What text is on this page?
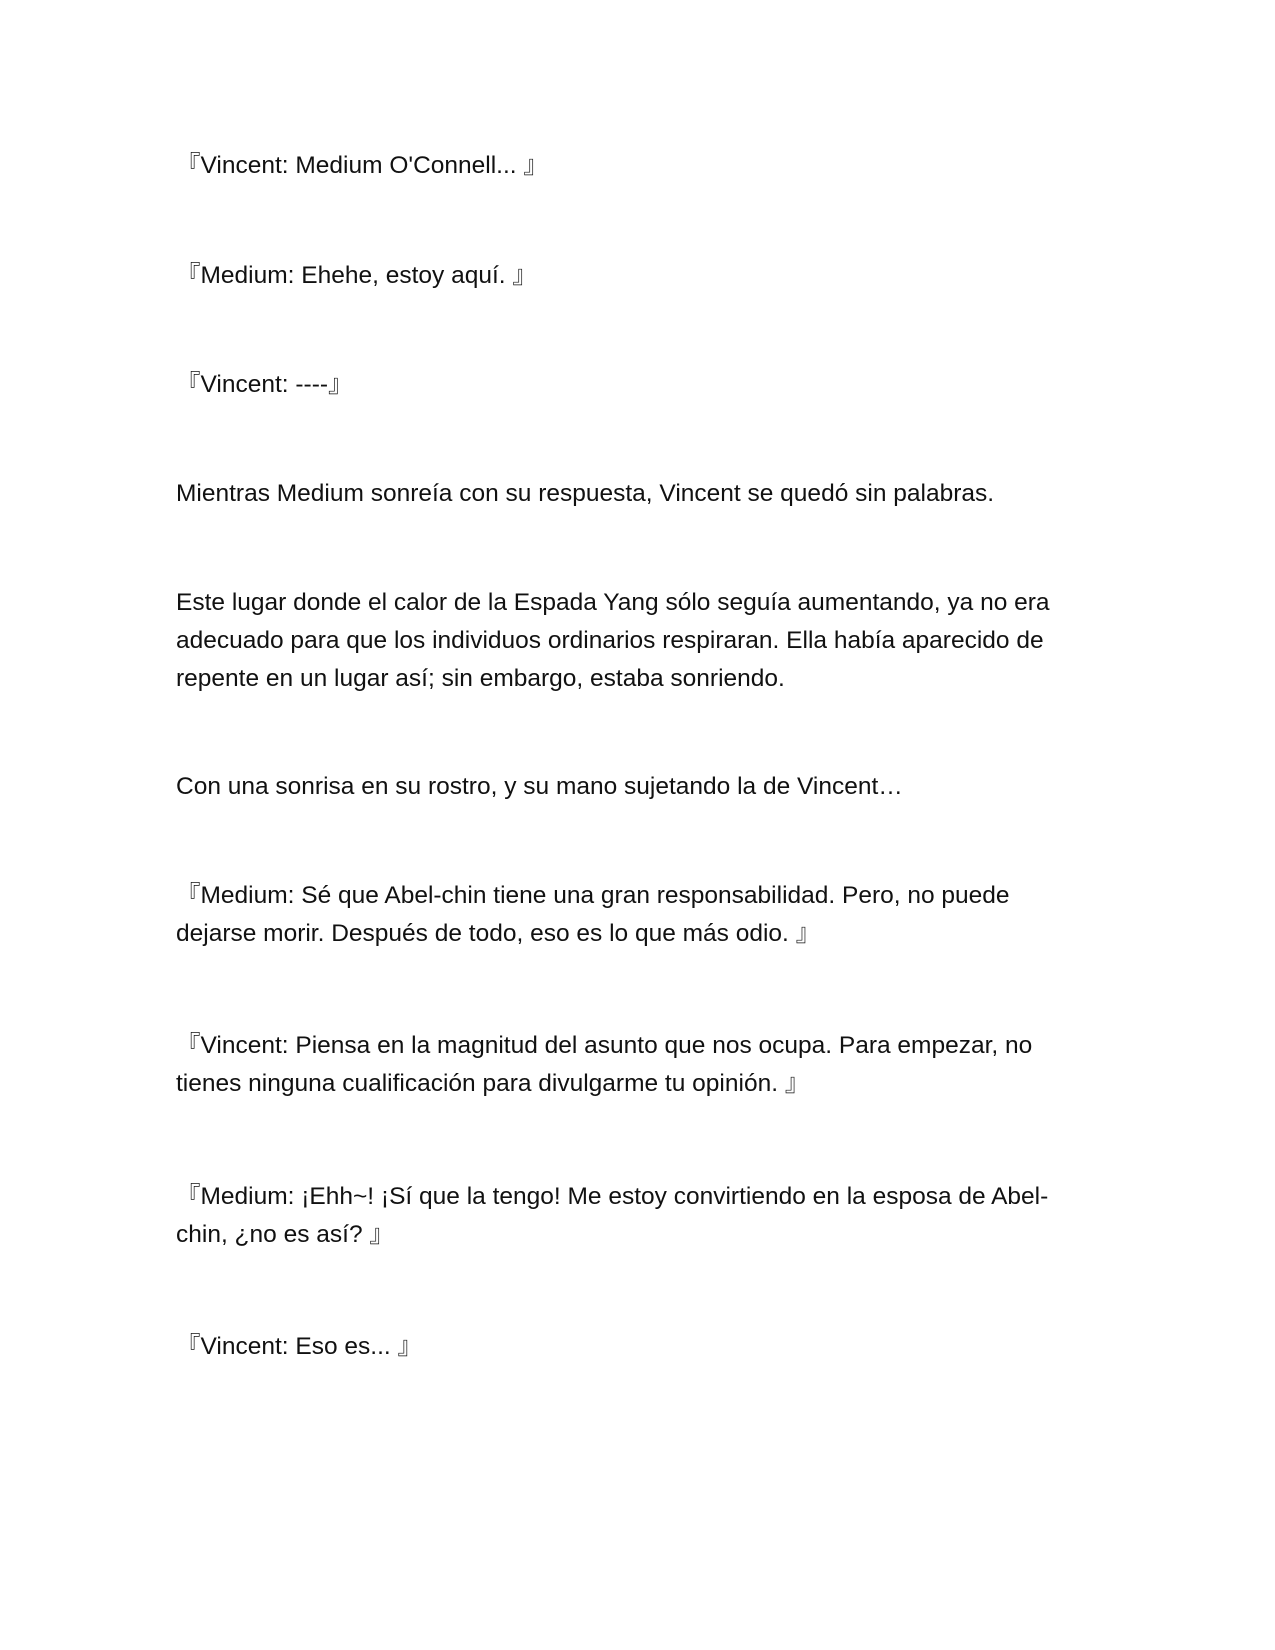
『Vincent: Medium O'Connell... 』

『Medium: Ehehe, estoy aquí. 』

『Vincent: ----』

Mientras Medium sonreía con su respuesta, Vincent se quedó sin palabras.

Este lugar donde el calor de la Espada Yang sólo seguía aumentando, ya no era adecuado para que los individuos ordinarios respiraran. Ella había aparecido de repente en un lugar así; sin embargo, estaba sonriendo.

Con una sonrisa en su rostro, y su mano sujetando la de Vincent…

『Medium: Sé que Abel-chin tiene una gran responsabilidad. Pero, no puede dejarse morir. Después de todo, eso es lo que más odio. 』

『Vincent: Piensa en la magnitud del asunto que nos ocupa. Para empezar, no tienes ninguna cualificación para divulgarme tu opinión. 』

『Medium: ¡Ehh~! ¡Sí que la tengo! Me estoy convirtiendo en la esposa de Abel-chin, ¿no es así? 』

『Vincent: Eso es... 』
